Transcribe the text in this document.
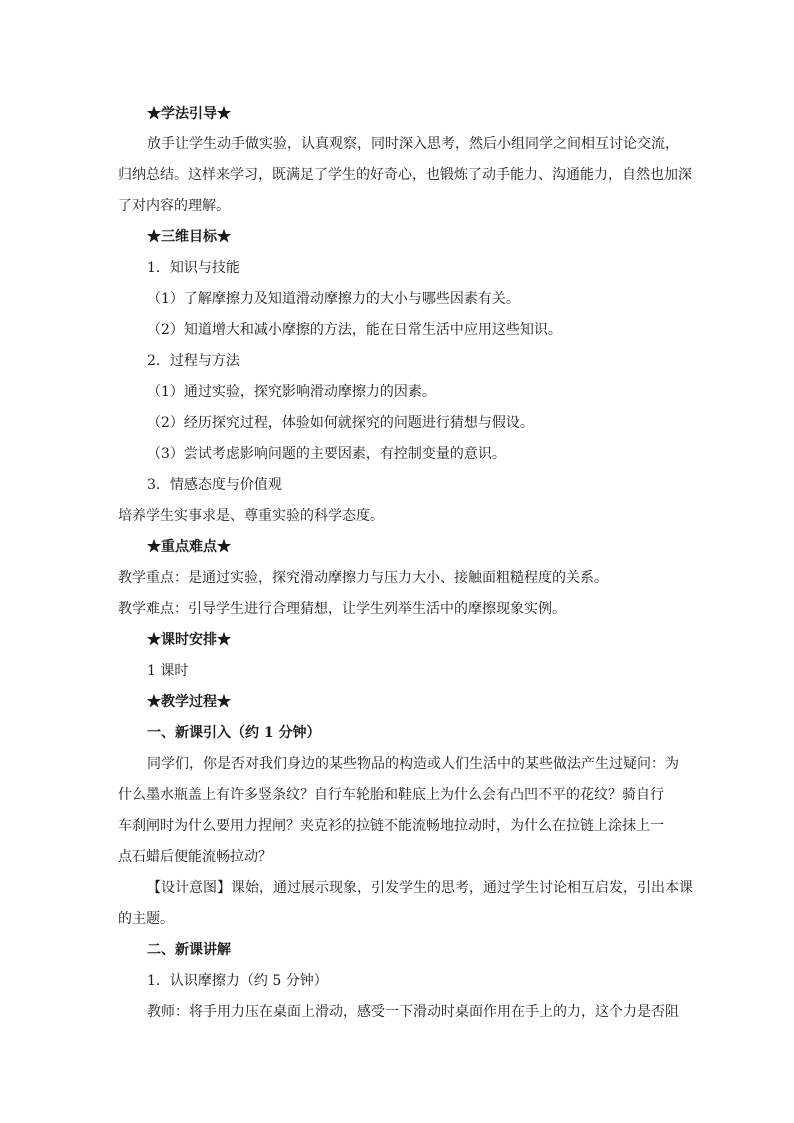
★学法引导★
放手让学生动手做实验，认真观察，同时深入思考，然后小组同学之间相互讨论交流，
归纳总结。这样来学习，既满足了学生的好奇心，也锻炼了动手能力、沟通能力，自然也加深
了对内容的理解。
★三维目标★
1．知识与技能
（1）了解摩擦力及知道滑动摩擦力的大小与哪些因素有关。
（2）知道增大和减小摩擦的方法，能在日常生活中应用这些知识。
2．过程与方法
（1）通过实验，探究影响滑动摩擦力的因素。
（2）经历探究过程，体验如何就探究的问题进行猜想与假设。
（3）尝试考虑影响问题的主要因素，有控制变量的意识。
3．情感态度与价值观
培养学生实事求是、尊重实验的科学态度。
★重点难点★
教学重点：是通过实验，探究滑动摩擦力与压力大小、接触面粗糙程度的关系。
教学难点：引导学生进行合理猜想，让学生列举生活中的摩擦现象实例。
★课时安排★
1 课时
★教学过程★
一、新课引入（约 1 分钟）
同学们，你是否对我们身边的某些物品的构造或人们生活中的某些做法产生过疑问：为
什么墨水瓶盖上有许多竖条纹？自行车轮胎和鞋底上为什么会有凸凹不平的花纹？骑自行
车刹闸时为什么要用力捏闸？夹克衫的拉链不能流畅地拉动时，为什么在拉链上涂抹上一
点石蜡后便能流畅拉动？
【设计意图】课始，通过展示现象，引发学生的思考，通过学生讨论相互启发，引出本课
的主题。
二、新课讲解
1．认识摩擦力（约 5 分钟）
教师：将手用力压在桌面上滑动，感受一下滑动时桌面作用在手上的力，这个力是否阻
